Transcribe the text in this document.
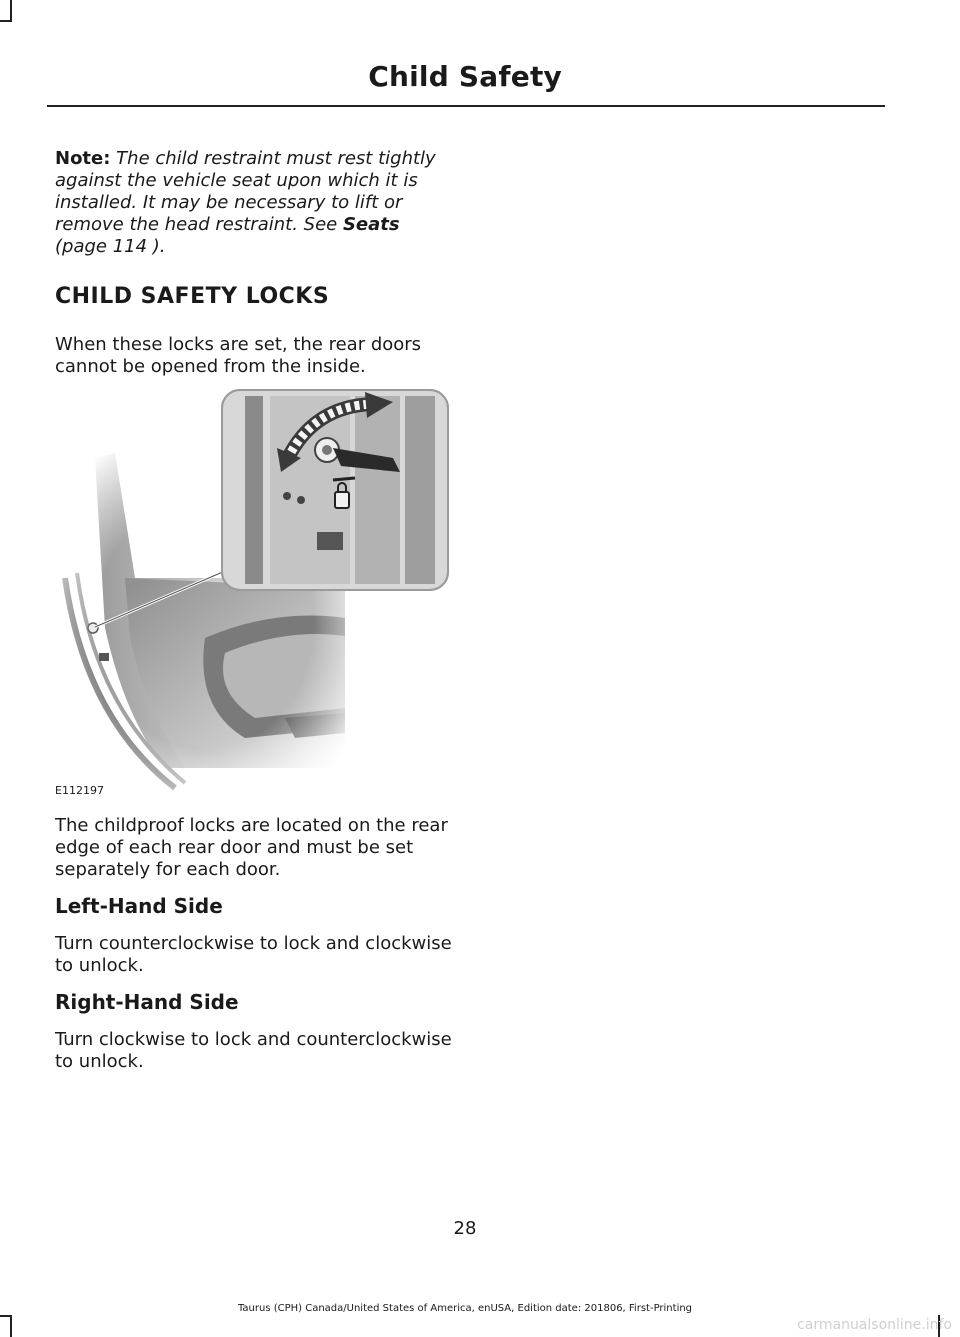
Child Safety

Note: The child restraint must rest tightly against the vehicle seat upon which it is installed. It may be necessary to lift or remove the head restraint. See Seats (page 114 ).

CHILD SAFETY LOCKS

When these locks are set, the rear doors cannot be opened from the inside.

E112197

The childproof locks are located on the rear edge of each rear door and must be set separately for each door.

Left-Hand Side

Turn counterclockwise to lock and clockwise to unlock.

Right-Hand Side

Turn clockwise to lock and counterclockwise to unlock.

28
Taurus (CPH) Canada/United States of America, enUSA, Edition date: 201806, First-Printing
carmanualsonline.info
